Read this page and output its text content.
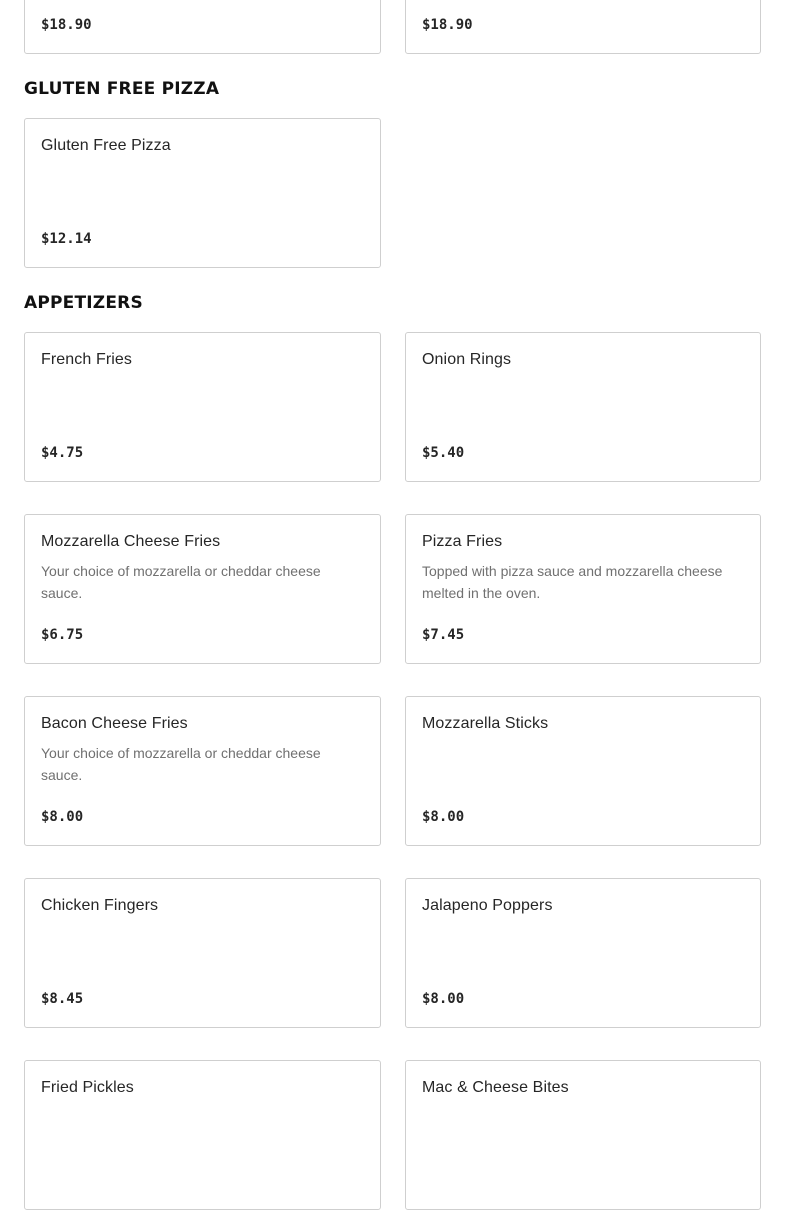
$18.90	$18.90
GLUTEN FREE PIZZA
Gluten Free Pizza
$12.14
APPETIZERS
French Fries
$4.75
Onion Rings
$5.40
Mozzarella Cheese Fries
Your choice of mozzarella or cheddar cheese sauce.
$6.75
Pizza Fries
Topped with pizza sauce and mozzarella cheese melted in the oven.
$7.45
Bacon Cheese Fries
Your choice of mozzarella or cheddar cheese sauce.
$8.00
Mozzarella Sticks
$8.00
Chicken Fingers
$8.45
Jalapeno Poppers
$8.00
Fried Pickles	Mac & Cheese Bites
